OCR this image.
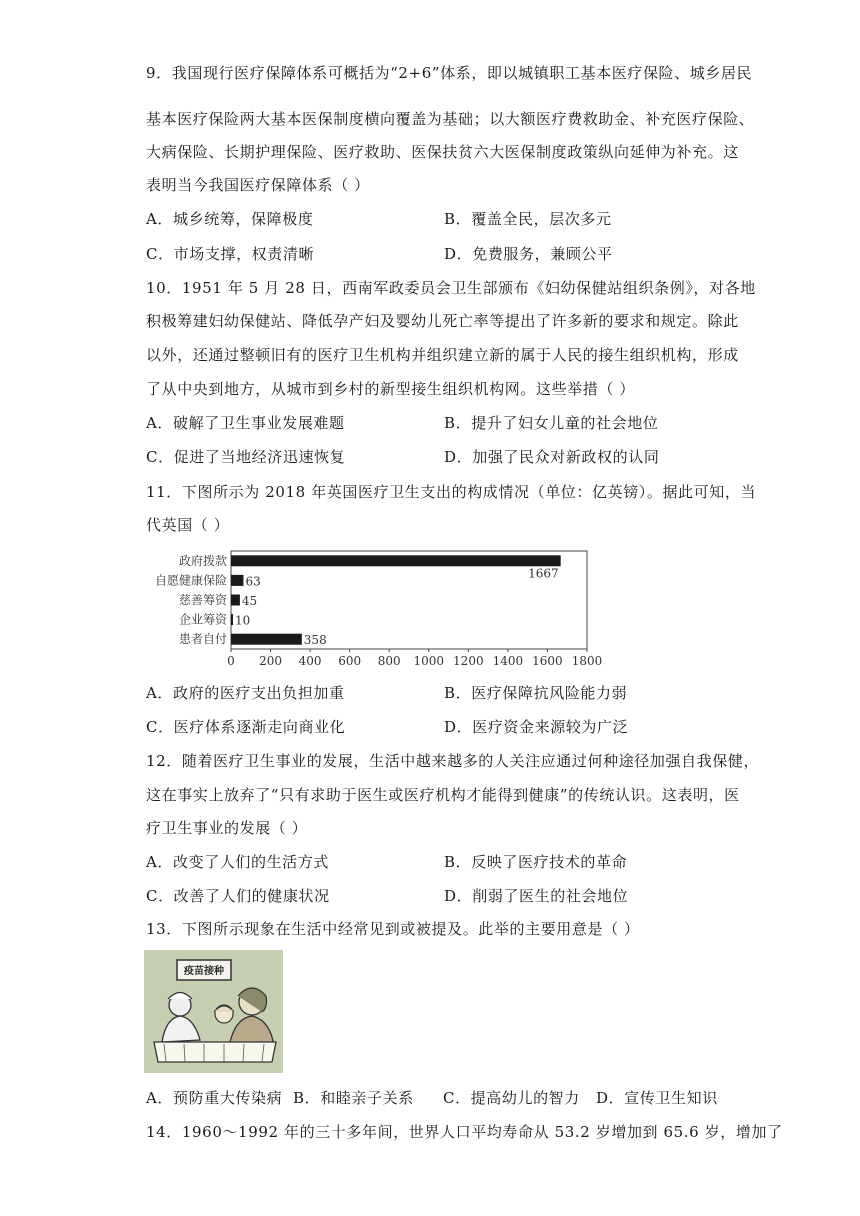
9．我国现行医疗保障体系可概括为“2+6”体系，即以城镇职工基本医疗保险、城乡居民
基本医疗保险两大基本医保制度横向覆盖为基础；以大额医疗费救助金、补充医疗保险、
大病保险、长期护理保险、医疗救助、医保扶贫六大医保制度政策纵向延伸为补充。这
表明当今我国医疗保障体系（ ）
A．城乡统筹，保障极度	B．覆盖全民，层次多元
C．市场支撑，权责清晰	D．免费服务，兼顾公平
10．1951 年 5 月 28 日，西南军政委员会卫生部颁布《妇幼保健站组织条例》，对各地
积极筹建妇幼保健站、降低孕产妇及婴幼儿死亡率等提出了许多新的要求和规定。除此
以外，还通过整顿旧有的医疗卫生机构并组织建立新的属于人民的接生组织机构，形成
了从中央到地方，从城市到乡村的新型接生组织机构网。这些举措（ ）
A．破解了卫生事业发展难题	B．提升了妇女儿童的社会地位
C．促进了当地经济迅速恢复	D．加强了民众对新政权的认同
11．下图所示为 2018 年英国医疗卫生支出的构成情况（单位：亿英镑）。据此可知，当
代英国（ ）
政府拨款
1667
自愿健康保险 63
慈善筹资 45
企业筹资 10
患者自付	358
0 200 400 600 800 1000 1200 1400 1600 1800
A．政府的医疗支出负担加重	B．医疗保障抗风险能力弱
C．医疗体系逐渐走向商业化	D．医疗资金来源较为广泛
12．随着医疗卫生事业的发展，生活中越来越多的人关注应通过何种途径加强自我保健，
这在事实上放弃了“只有求助于医生或医疗机构才能得到健康”的传统认识。这表明，医
疗卫生事业的发展（ ）
A．改变了人们的生活方式	B．反映了医疗技术的革命
C．改善了人们的健康状况	D．削弱了医生的社会地位
13．下图所示现象在生活中经常见到或被提及。此举的主要用意是（ ）
疫苗接种
A．预防重大传染病 B．和睦亲子关系 C．提高幼儿的智力 D．宣传卫生知识
14．1960～1992 年的三十多年间，世界人口平均寿命从 53.2 岁增加到 65.6 岁，增加了
